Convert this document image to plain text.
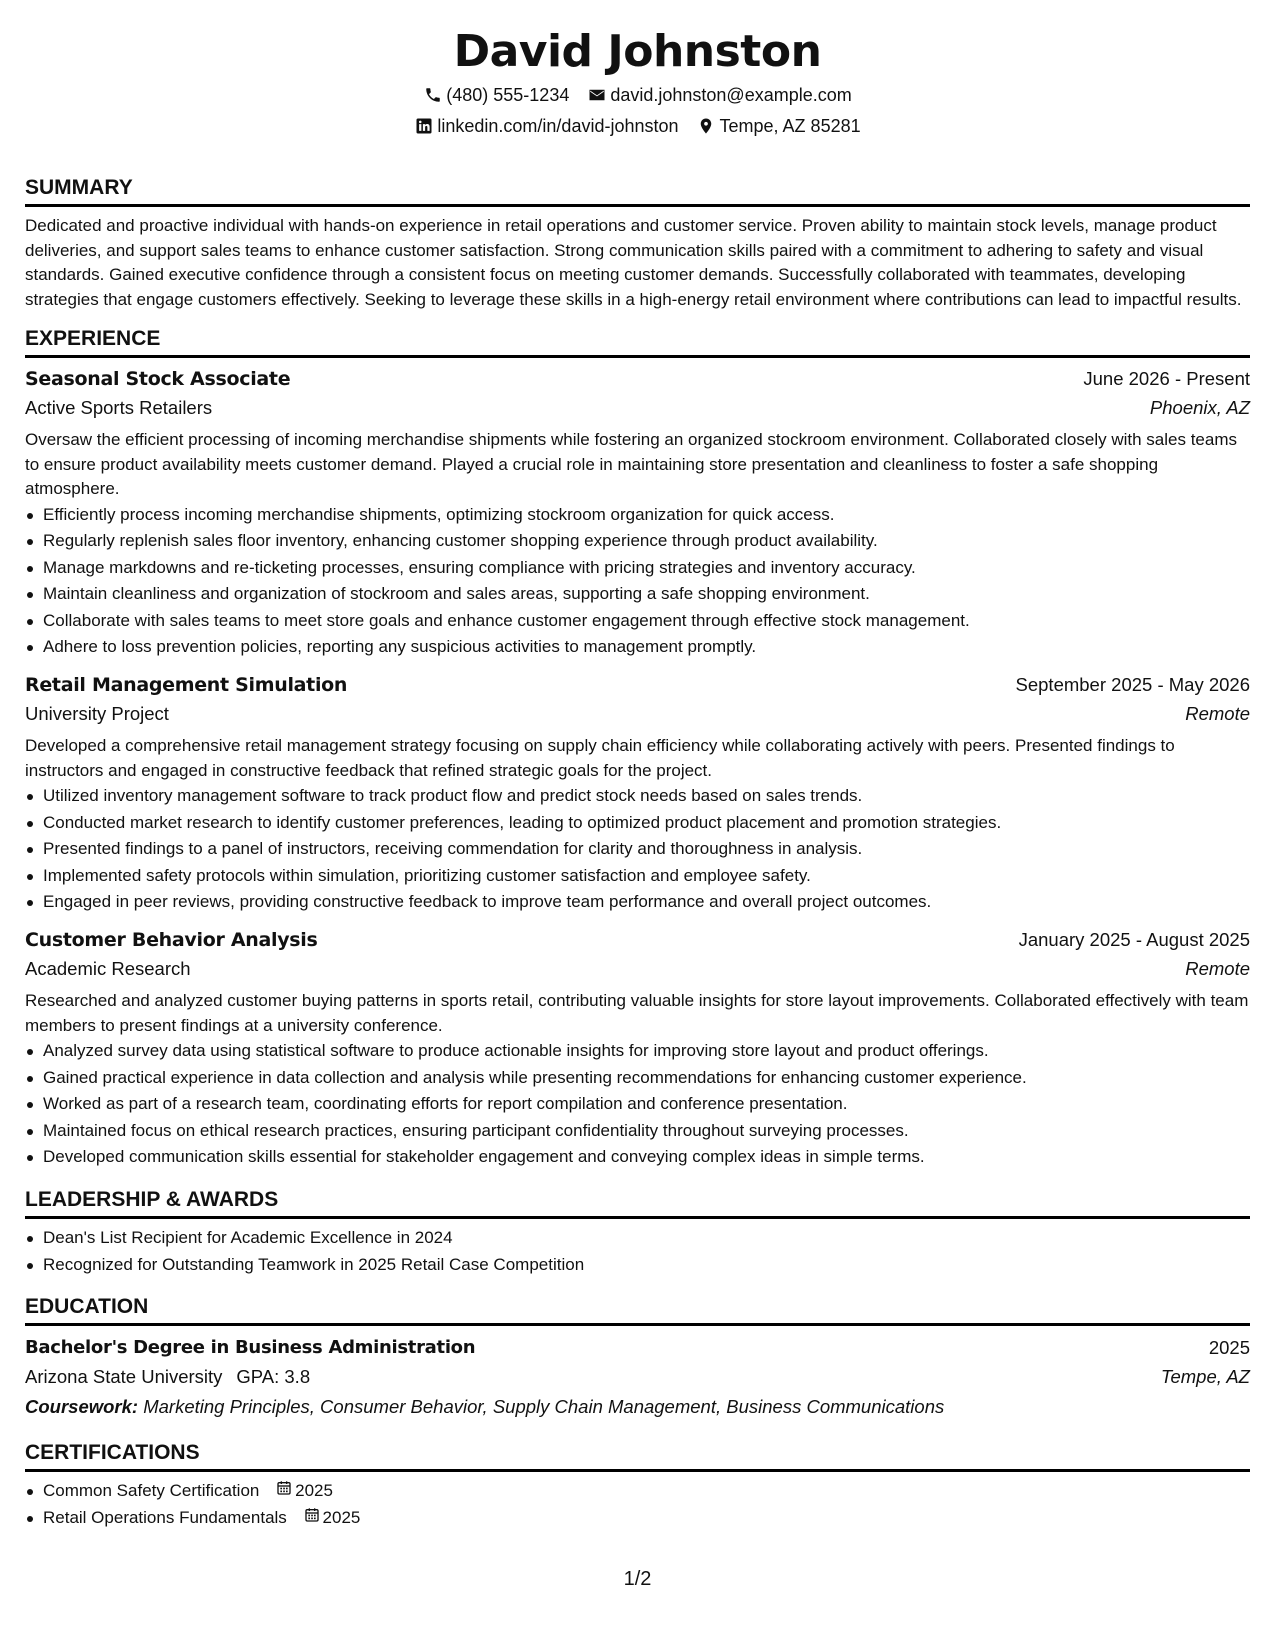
David Johnston
(480) 555-1234 david.johnston@example.com
linkedin.com/in/david-johnston Tempe, AZ 85281
SUMMARY
Dedicated and proactive individual with hands-on experience in retail operations and customer service. Proven ability to maintain stock levels, manage product deliveries, and support sales teams to enhance customer satisfaction. Strong communication skills paired with a commitment to adhering to safety and visual standards. Gained executive confidence through a consistent focus on meeting customer demands. Successfully collaborated with teammates, developing strategies that engage customers effectively. Seeking to leverage these skills in a high-energy retail environment where contributions can lead to impactful results.
EXPERIENCE
Seasonal Stock Associate	June 2026 - Present
Active Sports Retailers	Phoenix, AZ
Oversaw the efficient processing of incoming merchandise shipments while fostering an organized stockroom environment. Collaborated closely with sales teams to ensure product availability meets customer demand. Played a crucial role in maintaining store presentation and cleanliness to foster a safe shopping atmosphere.
Efficiently process incoming merchandise shipments, optimizing stockroom organization for quick access.
Regularly replenish sales floor inventory, enhancing customer shopping experience through product availability.
Manage markdowns and re-ticketing processes, ensuring compliance with pricing strategies and inventory accuracy.
Maintain cleanliness and organization of stockroom and sales areas, supporting a safe shopping environment.
Collaborate with sales teams to meet store goals and enhance customer engagement through effective stock management.
Adhere to loss prevention policies, reporting any suspicious activities to management promptly.
Retail Management Simulation	September 2025 - May 2026
University Project	Remote
Developed a comprehensive retail management strategy focusing on supply chain efficiency while collaborating actively with peers. Presented findings to instructors and engaged in constructive feedback that refined strategic goals for the project.
Utilized inventory management software to track product flow and predict stock needs based on sales trends.
Conducted market research to identify customer preferences, leading to optimized product placement and promotion strategies.
Presented findings to a panel of instructors, receiving commendation for clarity and thoroughness in analysis.
Implemented safety protocols within simulation, prioritizing customer satisfaction and employee safety.
Engaged in peer reviews, providing constructive feedback to improve team performance and overall project outcomes.
Customer Behavior Analysis	January 2025 - August 2025
Academic Research	Remote
Researched and analyzed customer buying patterns in sports retail, contributing valuable insights for store layout improvements. Collaborated effectively with team members to present findings at a university conference.
Analyzed survey data using statistical software to produce actionable insights for improving store layout and product offerings.
Gained practical experience in data collection and analysis while presenting recommendations for enhancing customer experience.
Worked as part of a research team, coordinating efforts for report compilation and conference presentation.
Maintained focus on ethical research practices, ensuring participant confidentiality throughout surveying processes.
Developed communication skills essential for stakeholder engagement and conveying complex ideas in simple terms.
LEADERSHIP & AWARDS
Dean's List Recipient for Academic Excellence in 2024
Recognized for Outstanding Teamwork in 2025 Retail Case Competition
EDUCATION
Bachelor's Degree in Business Administration	2025
Arizona State University GPA: 3.8	Tempe, AZ
Coursework: Marketing Principles, Consumer Behavior, Supply Chain Management, Business Communications
CERTIFICATIONS
Common Safety Certification 2025
Retail Operations Fundamentals 2025
1/2
